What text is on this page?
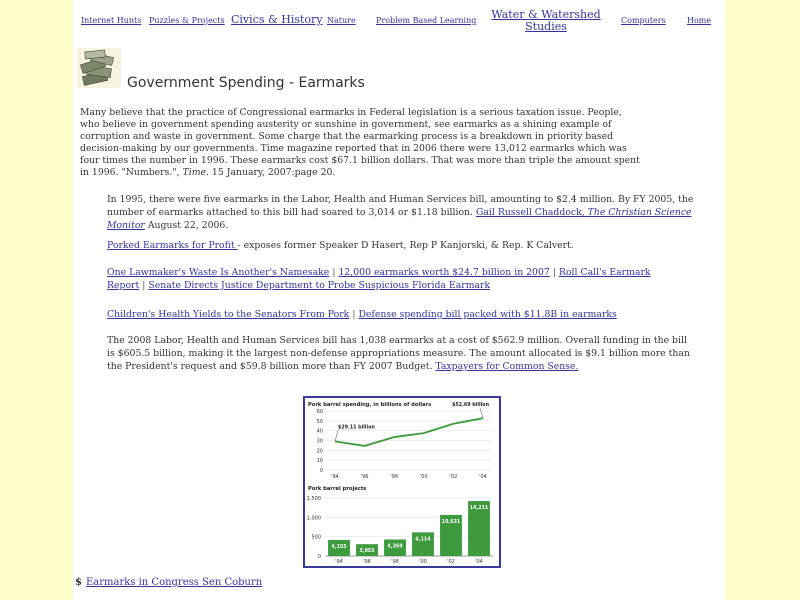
Internet Hunts Puzzles & Projects Civics & History Nature	Problem Based Learning Water & Watershed Studies	Computers	Home
Government Spending - Earmarks

Many believe that the practice of Congressional earmarks in Federal legislation is a serious taxation issue. People, who believe in government spending austerity or sunshine in government, see earmarks as a shining example of corruption and waste in government. Some charge that the earmarking process is a breakdown in priority based decision-making by our governments. Time magazine reported that in 2006 there were 13,012 earmarks which was four times the number in 1996. These earmarks cost $67.1 billion dollars. That was more than triple the amount spent in 1996. "Numbers.", Time. 15 January, 2007:page 20.

In 1995, there were five earmarks in the Labor, Health and Human Services bill, amounting to $2.4 million. By FY 2005, the number of earmarks attached to this bill had soared to 3,014 or $1.18 billion. Gail Russell Chaddock, The Christian Science Monitor August 22, 2006.

Porked Earmarks for Profit - exposes former Speaker D Hasert, Rep P Kanjorski, & Rep. K Calvert.

One Lawmaker's Waste Is Another's Namesake | 12,000 earmarks worth $24.7 billion in 2007 | Roll Call's Earmark Report | Senate Directs Justice Department to Probe Suspicious Florida Earmark

Children's Health Yields to the Senators From Pork | Defense spending bill packed with $11.8B in earmarks

The 2008 Labor, Health and Human Services bill has 1,038 earmarks at a cost of $562.9 million. Overall funding in the bill is $605.5 billion, making it the largest non-defense appropriations measure. The amount allocated is $9.1 billion more than the President's request and $59.8 billion more than FY 2007 Budget. Taxpayers for Common Sense.

Pork barrel spending, in billions of dollars
0
10
20
30
40
50
60
'94	'96	'98	'00	'02	'04
$29.11 billion
$52.69 billion
Pork barrel projects
0
500
1,000
1,500
4,155
'94
3,055
'96
4,269
'98
6,114
'00
10,631
'02
14,211
'04
$ Earmarks in Congress Sen Coburn
